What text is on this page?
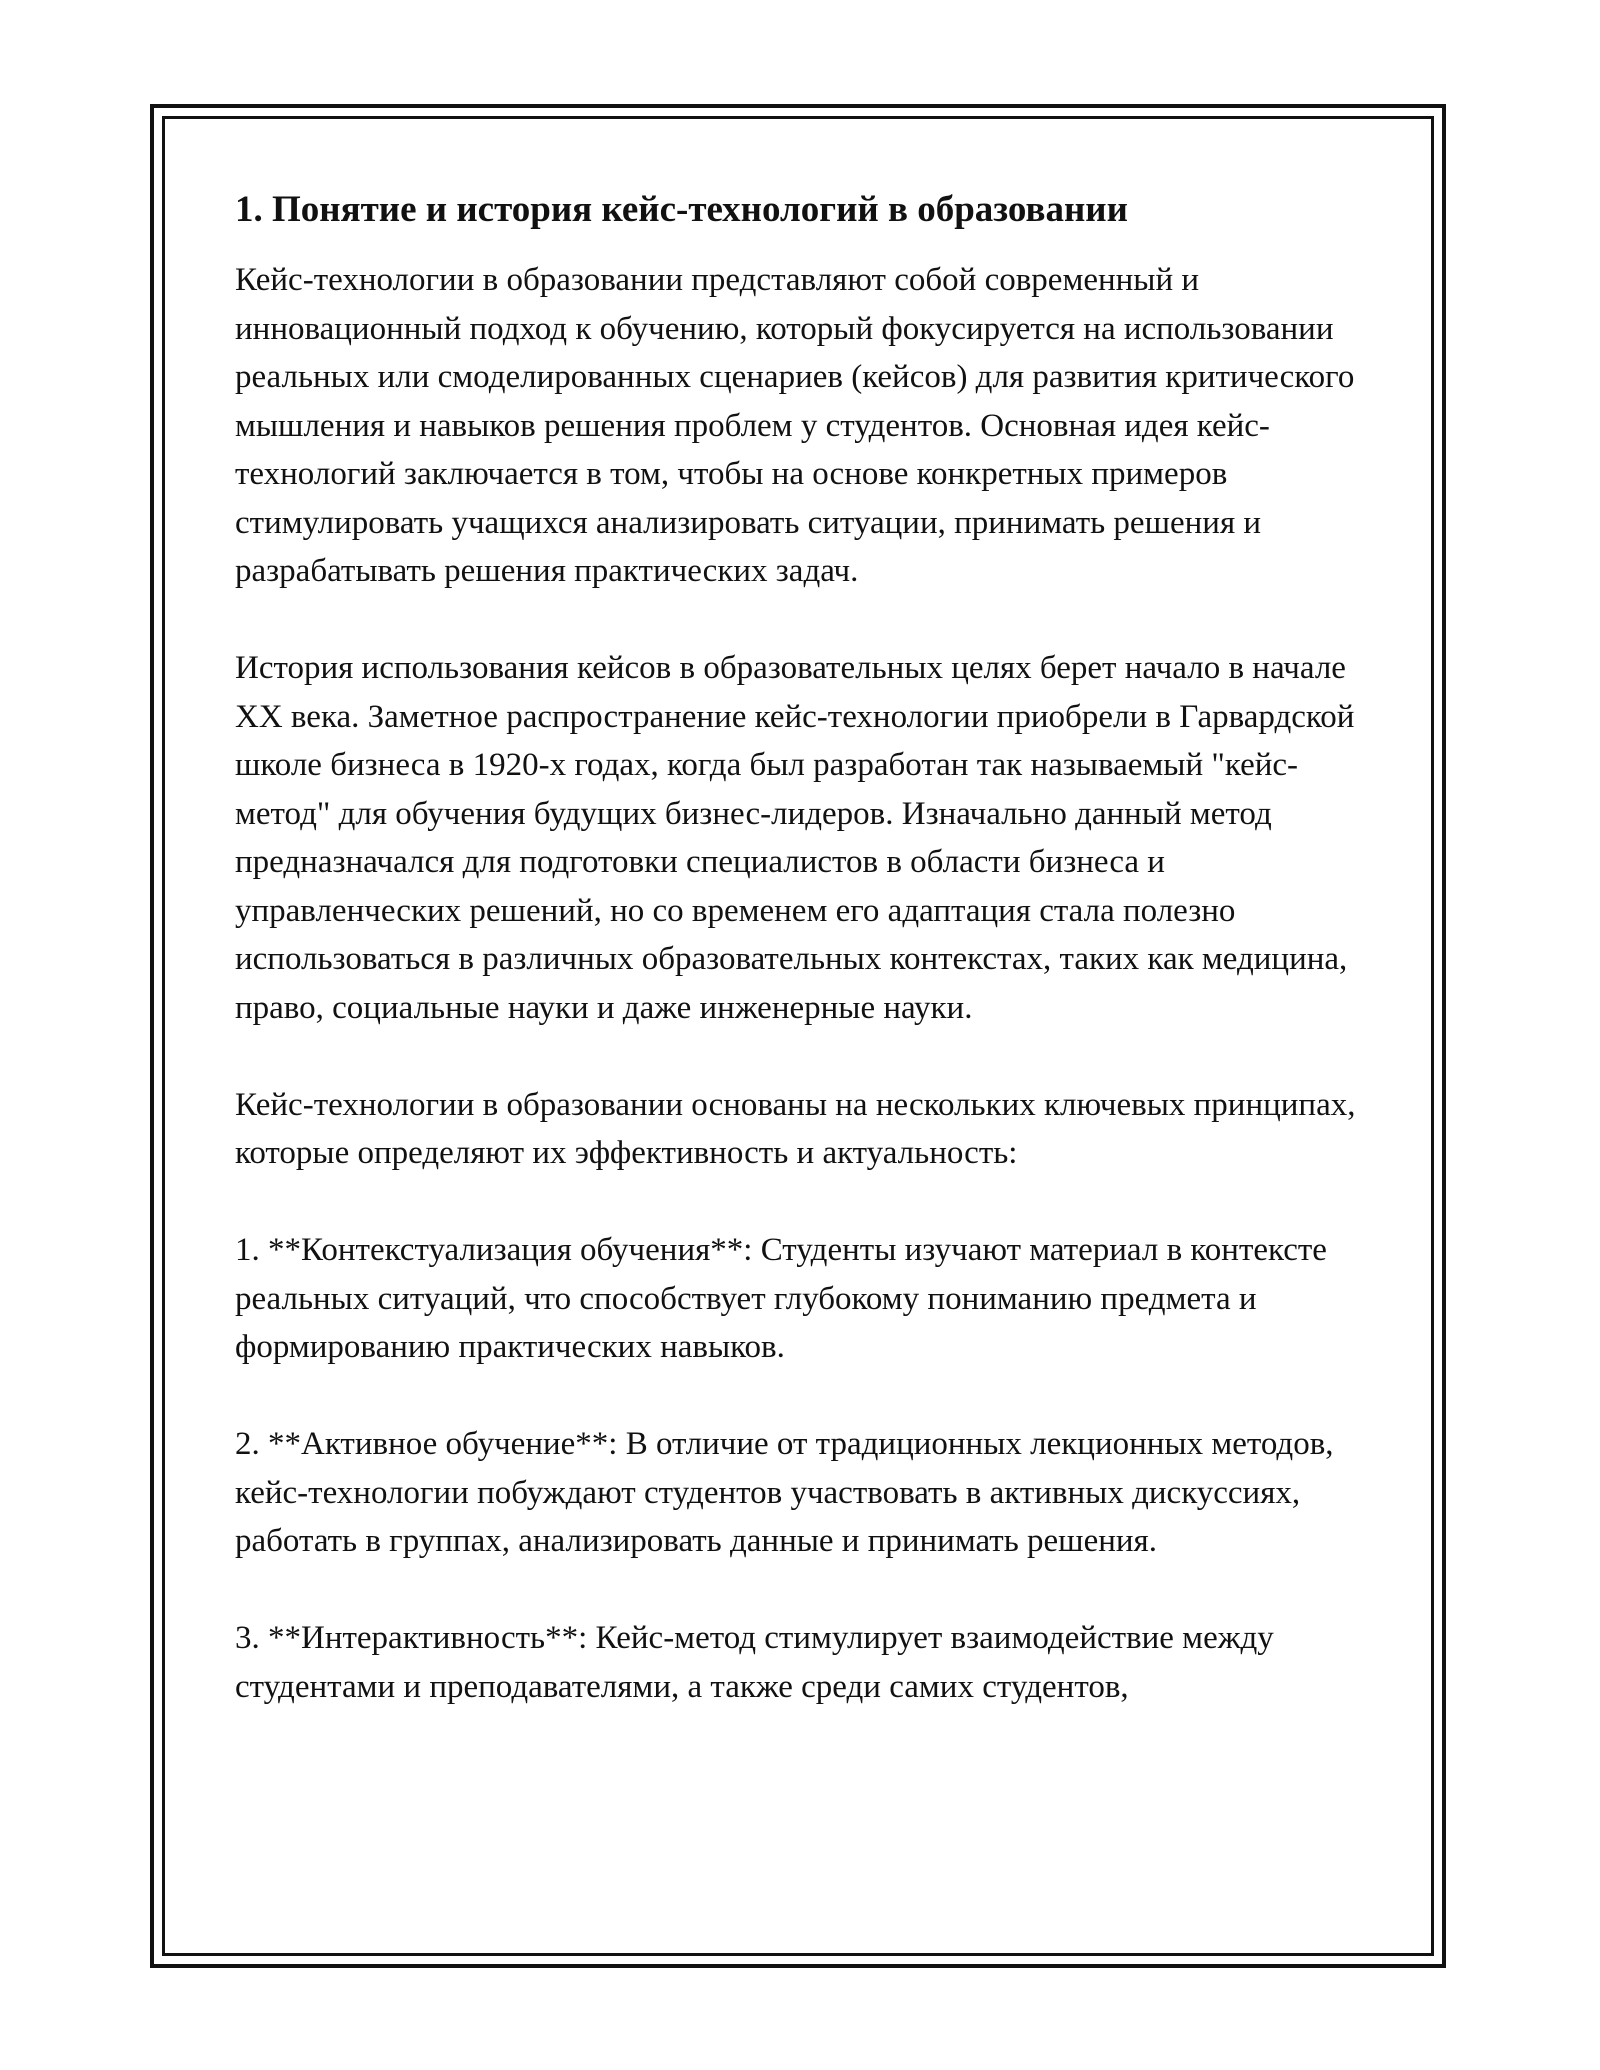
1. Понятие и история кейс-технологий в образовании

Кейс-технологии в образовании представляют собой современный и инновационный подход к обучению, который фокусируется на использовании реальных или смоделированных сценариев (кейсов) для развития критического мышления и навыков решения проблем у студентов. Основная идея кейс-технологий заключается в том, чтобы на основе конкретных примеров стимулировать учащихся анализировать ситуации, принимать решения и разрабатывать решения практических задач.

История использования кейсов в образовательных целях берет начало в начале XX века. Заметное распространение кейс-технологии приобрели в Гарвардской школе бизнеса в 1920-х годах, когда был разработан так называемый "кейс-метод" для обучения будущих бизнес-лидеров. Изначально данный метод предназначался для подготовки специалистов в области бизнеса и управленческих решений, но со временем его адаптация стала полезно использоваться в различных образовательных контекстах, таких как медицина, право, социальные науки и даже инженерные науки.

Кейс-технологии в образовании основаны на нескольких ключевых принципах, которые определяют их эффективность и актуальность:

1. **Контекстуализация обучения**: Студенты изучают материал в контексте реальных ситуаций, что способствует глубокому пониманию предмета и формированию практических навыков.

2. **Активное обучение**: В отличие от традиционных лекционных методов, кейс-технологии побуждают студентов участвовать в активных дискуссиях, работать в группах, анализировать данные и принимать решения.

3. **Интерактивность**: Кейс-метод стимулирует взаимодействие между студентами и преподавателями, а также среди самих студентов,
